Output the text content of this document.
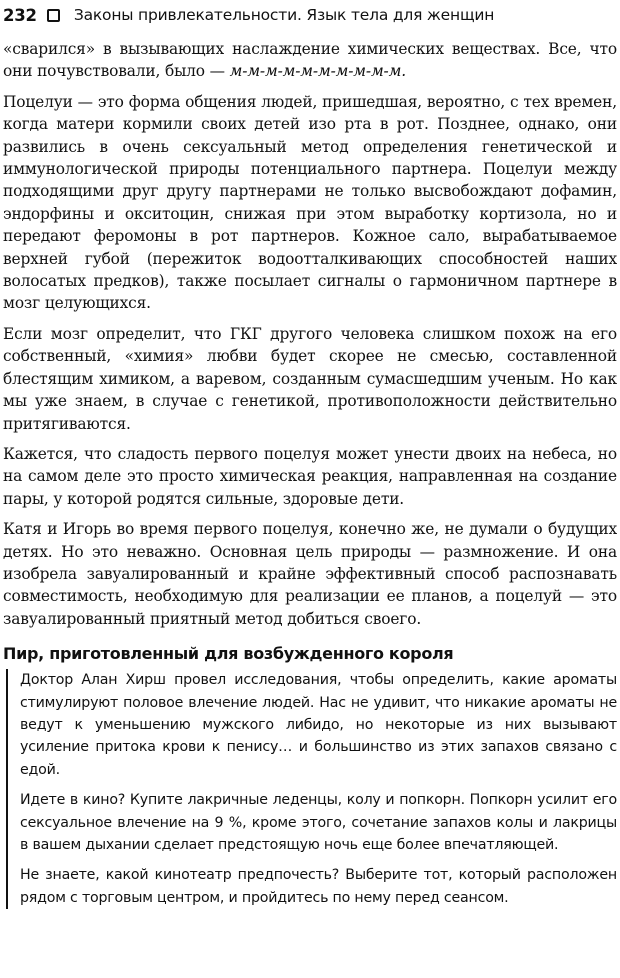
232 Законы привлекательности. Язык тела для женщин

«сварился» в вызывающих наслаждение химических веществах. Все, что они почувствовали, было — м-м-м-м-м-м-м-м-м-м.

Поцелуи — это форма общения людей, пришедшая, вероятно, с тех времен, когда матери кормили своих детей изо рта в рот. Позднее, однако, они развились в очень сексуальный метод определения генетической и иммунологической природы потенциального партнера. Поцелуи между подходящими друг другу партнерами не только высвобождают дофамин, эндорфины и окситоцин, снижая при этом выработку кортизола, но и передают феромоны в рот партнеров. Кожное сало, вырабатываемое верхней губой (пережиток водоотталкивающих способностей наших волосатых предков), также посылает сигналы о гармоничном партнере в мозг целующихся.

Если мозг определит, что ГКГ другого человека слишком похож на его собственный, «химия» любви будет скорее не смесью, составленной блестящим химиком, а варевом, созданным сумасшедшим ученым. Но как мы уже знаем, в случае с генетикой, противоположности действительно притягиваются.

Кажется, что сладость первого поцелуя может унести двоих на небеса, но на самом деле это просто химическая реакция, направленная на создание пары, у которой родятся сильные, здоровые дети.

Катя и Игорь во время первого поцелуя, конечно же, не думали о будущих детях. Но это неважно. Основная цель природы — размножение. И она изобрела завуалированный и крайне эффективный способ распознавать совместимость, необходимую для реализации ее планов, а поцелуй — это завуалированный приятный метод добиться своего.

Пир, приготовленный для возбужденного короля

Доктор Алан Хирш провел исследования, чтобы определить, какие ароматы стимулируют половое влечение людей. Нас не удивит, что никакие ароматы не ведут к уменьшению мужского либидо, но некоторые из них вызывают усиление притока крови к пенису… и большинство из этих запахов связано с едой.

Идете в кино? Купите лакричные леденцы, колу и попкорн. Попкорн усилит его сексуальное влечение на 9 %, кроме этого, сочетание запахов колы и лакрицы в вашем дыхании сделает предстоящую ночь еще более впечатляющей.

Не знаете, какой кинотеатр предпочесть? Выберите тот, который расположен рядом с торговым центром, и пройдитесь по нему перед сеансом.
